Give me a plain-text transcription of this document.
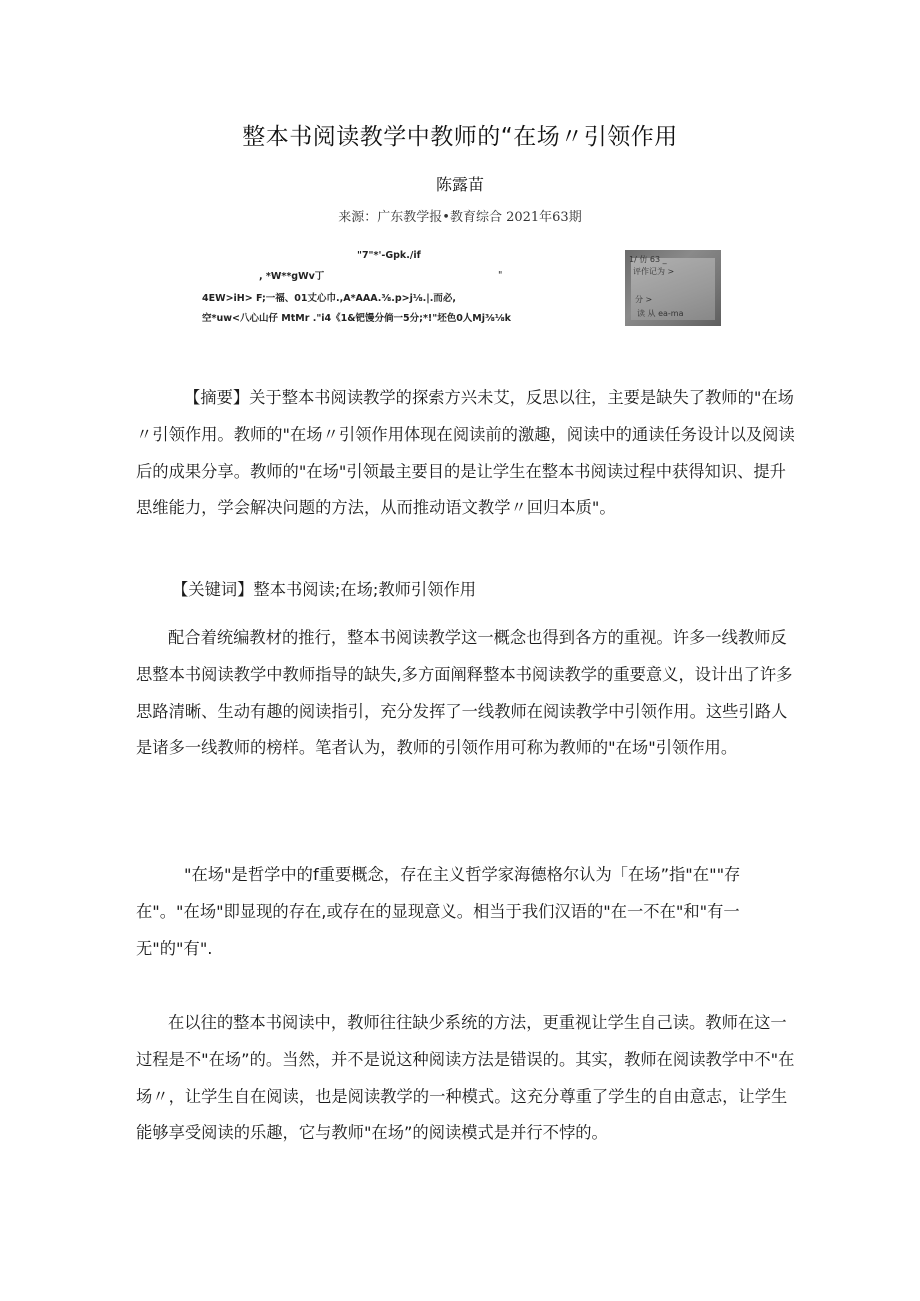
整本书阅读教学中教师的“在场〃引领作用
陈露苗
来源：广东教学报•教育综合 2021年63期
"7"*'-Gpk./if
, *W**gWv丁	"
4EW>iH> F;一福、01丈心巾.,A*AAA.⅜.p>j⅛.|.而必,
空*uw<八心山仔 MtMr ."i4《1&钯馒分倘一5分;*!"坯色0人Mj⅜⅛k
1/ 仿 63 _
评作记为 >
分 >
读 从 ea-ma
【摘要】关于整本书阅读教学的探索方兴未艾，反思以往，主要是缺失了教师的"在场〃引领作用。教师的"在场〃引领作用体现在阅读前的激趣，阅读中的通读任务设计以及阅读后的成果分享。教师的"在场"引领最主要目的是让学生在整本书阅读过程中获得知识、提升思维能力，学会解决问题的方法，从而推动语文教学〃回归本质"。
【关键词】整本书阅读;在场;教师引领作用
配合着统编教材的推行，整本书阅读教学这一概念也得到各方的重视。许多一线教师反思整本书阅读教学中教师指导的缺失,多方面阐释整本书阅读教学的重要意义，设计出了许多思路清晰、生动有趣的阅读指引，充分发挥了一线教师在阅读教学中引领作用。这些引路人是诸多一线教师的榜样。笔者认为，教师的引领作用可称为教师的"在场"引领作用。
"在场"是哲学中的f重要概念，存在主义哲学家海德格尔认为「在场”指"在""存在"。"在场"即显现的存在,或存在的显现意义。相当于我们汉语的"在一不在"和"有一无"的"有".
在以往的整本书阅读中，教师往往缺少系统的方法，更重视让学生自己读。教师在这一过程是不"在场”的。当然，并不是说这种阅读方法是错误的。其实，教师在阅读教学中不"在场〃，让学生自在阅读，也是阅读教学的一种模式。这充分尊重了学生的自由意志，让学生能够享受阅读的乐趣，它与教师"在场”的阅读模式是并行不悖的。
